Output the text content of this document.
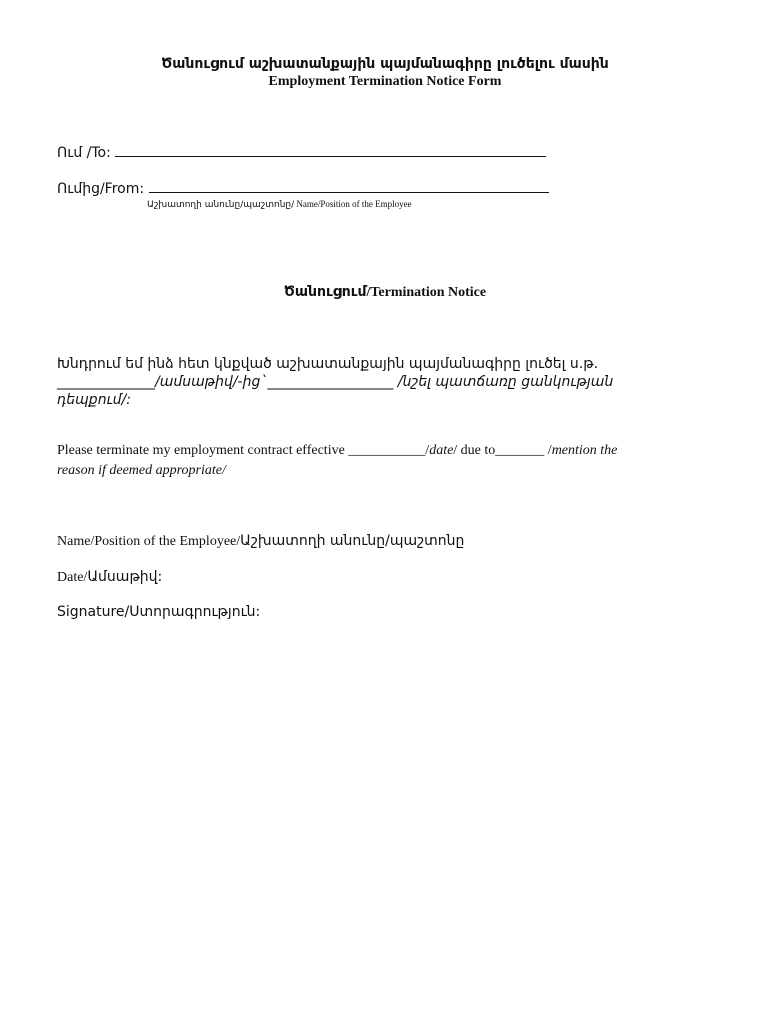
Ծանուցում աշխատանքային պայմանագիրը լուծելու մասին
Employment Termination Notice Form
Ում /To:
Ումից/From:
Աշխատողի անունը/պաշտոնը/ Name/Position of the Employee
Ծանուցում/Termination Notice
Խնդրում եմ ինձ հետ կնքված աշխատանքային պայմանագիրը լուծել ս.թ.
______________/ամսաթիվ/-ից`__________________ /նշել պատճառը ցանկության
դեպքում/:
Please terminate my employment contract effective ___________/date/ due to_______ /mention the
reason if deemed appropriate/
Name/Position of the Employee/Աշխատողի անունը/պաշտոնը
Date/Ամսաթիվ:
Signature/Ստորագրություն:
